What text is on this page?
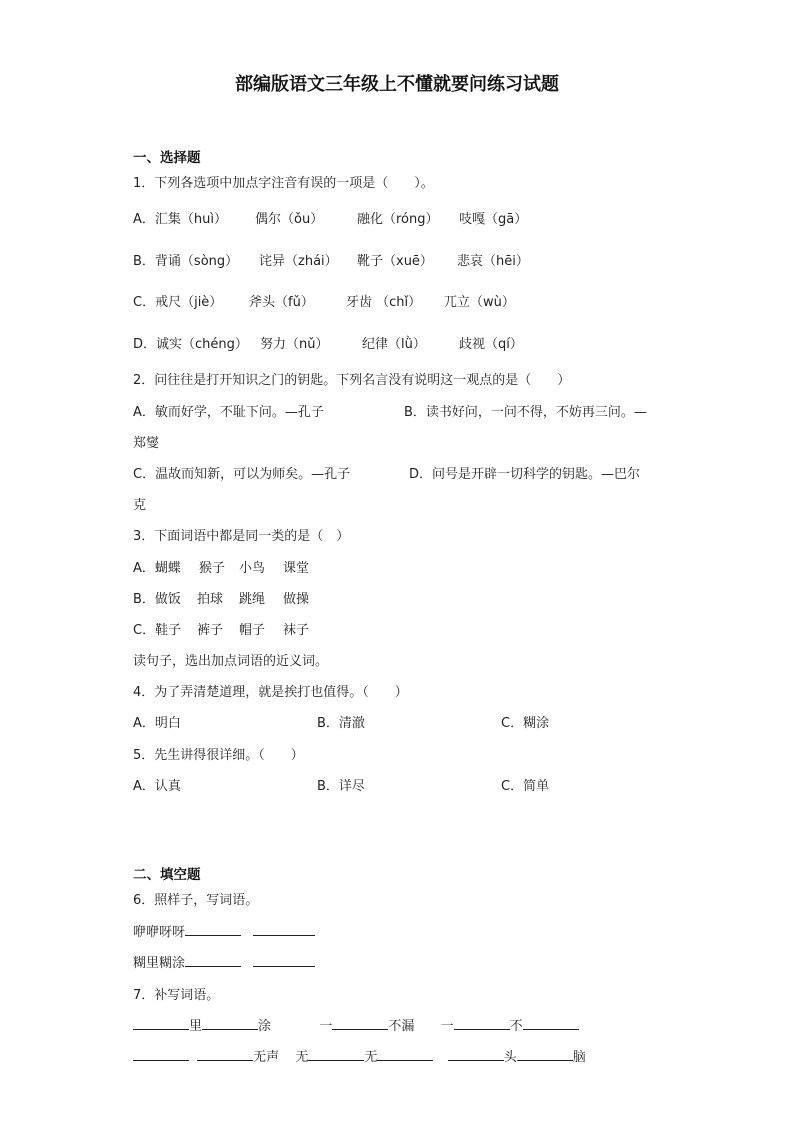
部编版语文三年级上不懂就要问练习试题
一、选择题
1．下列各选项中加点字注音有误的一项是（　　）。
A．汇集（huì） 偶尔（ǒu）	融化（róng） 吱嘎（gā）
B．背诵（sòng） 诧异（zhái） 靴子（xuē） 悲哀（hēi）
C．戒尺（jiè） 斧头（fǔ） 牙齿 （chǐ） 兀立（wù）
D．诚实（chéng） 努力（nǔ）	纪律（lǜ）	歧视（qí）
2．问往往是打开知识之门的钥匙。下列名言没有说明这一观点的是（　　）
A．敏而好学，不耻下问。—孔子	B．读书好问，一问不得，不妨再三问。—
郑燮
C．温故而知新，可以为师矣。—孔子	D．问号是开辟一切科学的钥匙。—巴尔
克
3．下面词语中都是同一类的是（　）
A．蝴蝶 猴子 小鸟 课堂
B．做饭 拍球 跳绳 做操
C．鞋子 裤子 帽子 袜子
读句子，选出加点词语的近义词。
4．为了弄清楚道理，就是挨打也值得。（　　）
A．明白	B．清澈	C．糊涂
5．先生讲得很详细。（　　）
A．认真	B．详尽	C．简单
二、填空题
6．照样子，写词语。
咿咿呀呀
糊里糊涂
7．补写词语。
里	涂	一	不漏 一	不
无声 无	无	头	脑
